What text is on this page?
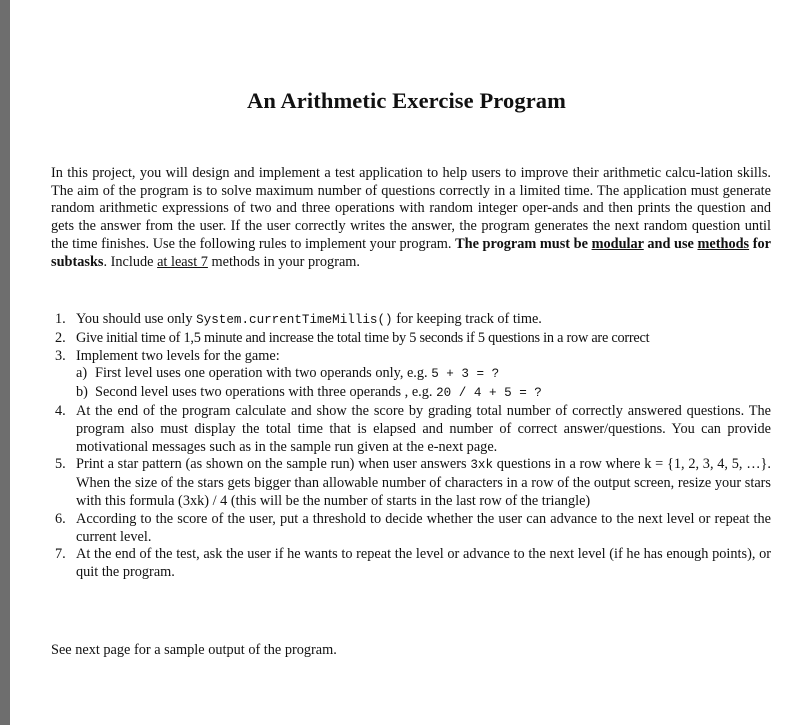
An Arithmetic Exercise Program

In this project, you will design and implement a test application to help users to improve their arithmetic calcu-lation skills. The aim of the program is to solve maximum number of questions correctly in a limited time. The application must generate random arithmetic expressions of two and three operations with random integer oper-ands and then prints the question and gets the answer from the user. If the user correctly writes the answer, the program generates the next random question until the time finishes. Use the following rules to implement your program. The program must be modular and use methods for subtasks. Include at least 7 methods in your program.

1. You should use only System.currentTimeMillis() for keeping track of time.
2. Give initial time of 1,5 minute and increase the total time by 5 seconds if 5 questions in a row are correct
3. Implement two levels for the game:
a) First level uses one operation with two operands only, e.g. 5 + 3 = ?
b) Second level uses two operations with three operands , e.g. 20 / 4 + 5 = ?
4. At the end of the program calculate and show the score by grading total number of correctly answered questions. The program also must display the total time that is elapsed and number of correct answer/questions. You can provide motivational messages such as in the sample run given at the e-next page.
5. Print a star pattern (as shown on the sample run) when user answers 3xk questions in a row where k = {1, 2, 3, 4, 5, …}. When the size of the stars gets bigger than allowable number of characters in a row of the output screen, resize your stars with this formula (3xk) / 4 (this will be the number of starts in the last row of the triangle)
6. According to the score of the user, put a threshold to decide whether the user can advance to the next level or repeat the current level.
7. At the end of the test, ask the user if he wants to repeat the level or advance to the next level (if he has enough points), or quit the program.

See next page for a sample output of the program.
